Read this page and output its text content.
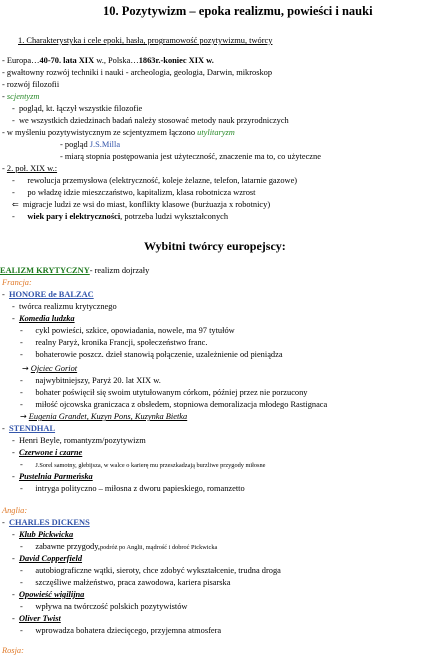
10. Pozytywizm – epoka realizmu, powieści i nauki
1. Charakterystyka i cele epoki, hasła, programowość pozytywizmu, twórcy
- Europa…40-70. lata XIX w., Polska…1863r.-koniec XIX w.
- gwałtowny rozwój techniki i nauki - archeologia, geologia, Darwin, mikroskop
- rozwój filozofii
- scjentyzm
-  pogląd, kt. łączył wszystkie filozofie
-  we wszystkich dziedzinach badań należy stosować metody nauk przyrodniczych
- w myśleniu pozytywistycznym ze scjentyzmem łączono utylitaryzm
- pogląd J.S.Milla
- miarą stopnia postępowania jest użyteczność, znaczenie ma to, co użyteczne
- 2. poł. XIX w.:
-      rewolucja przemysłowa (elektryczność, koleje żelazne, telefon, latarnie gazowe)
-      po władzę idzie mieszczaństwo, kapitalizm, klasa robotnicza wzrost
⇐ migracje ludzi ze wsi do miast, konflikty klasowe (burżuazja x robotnicy)
-      wiek pary i elektryczności, potrzeba ludzi wykształconych
Wybitni twórcy europejscy:
EALIZM KRYTYCZNY- realizm dojrzały
Francja:
-  HONORE de BALZAC
-  twórca realizmu krytycznego
-  Komedia ludzka
-      cykl powieści, szkice, opowiadania, nowele, ma 97 tytułów
-      realny Paryż, kronika Francji, społeczeństwo franc.
-      bohaterowie poszcz. dzieł stanowią połączenie, uzależnienie od pieniądza
→ Ojciec Goriot
-      najwybitniejszy, Paryż 20. lat XIX w.
-      bohater poświęcił się swoim utytułowanym córkom, później przez nie porzucony
-      miłość ojcowska graniczaca z obsłedem, stopniowa demoralizacja młodego Rastignaca
→ Eugenia Grandet, Kuzyn Pons, Kuzynka Bietka
-  STENDHAL
-  Henri Beyle, romantyzm/pozytywizm
-  Czerwone i czarne
-      J.Sorel samotny, głebijsza, w walce o karierę mu przeszkadzają burzliwe przygody miłosne
-  Pustelnia Parmeńska
-      intryga polityczno – miłosna z dworu papieskiego, romanzetto
Anglia:
-  CHARLES DICKENS
-  Klub Pickwicka
-      zabawne przygody,podróż po Anglii, mądrość i dobroć Pickwicka
-  David Copperfield
-      autobiograficzne wątki, sieroty, chce zdobyć wykształcenie, trudna droga
-      szczęśliwe małżeństwo, praca zawodowa, kariera pisarska
-  Opowieść wigilijna
-      wpływa na twórczość polskich pozytywistów
-  Oliver Twist
-      wprowadza bohatera dziecięcego, przyjemna atmosfera
Rosja:
